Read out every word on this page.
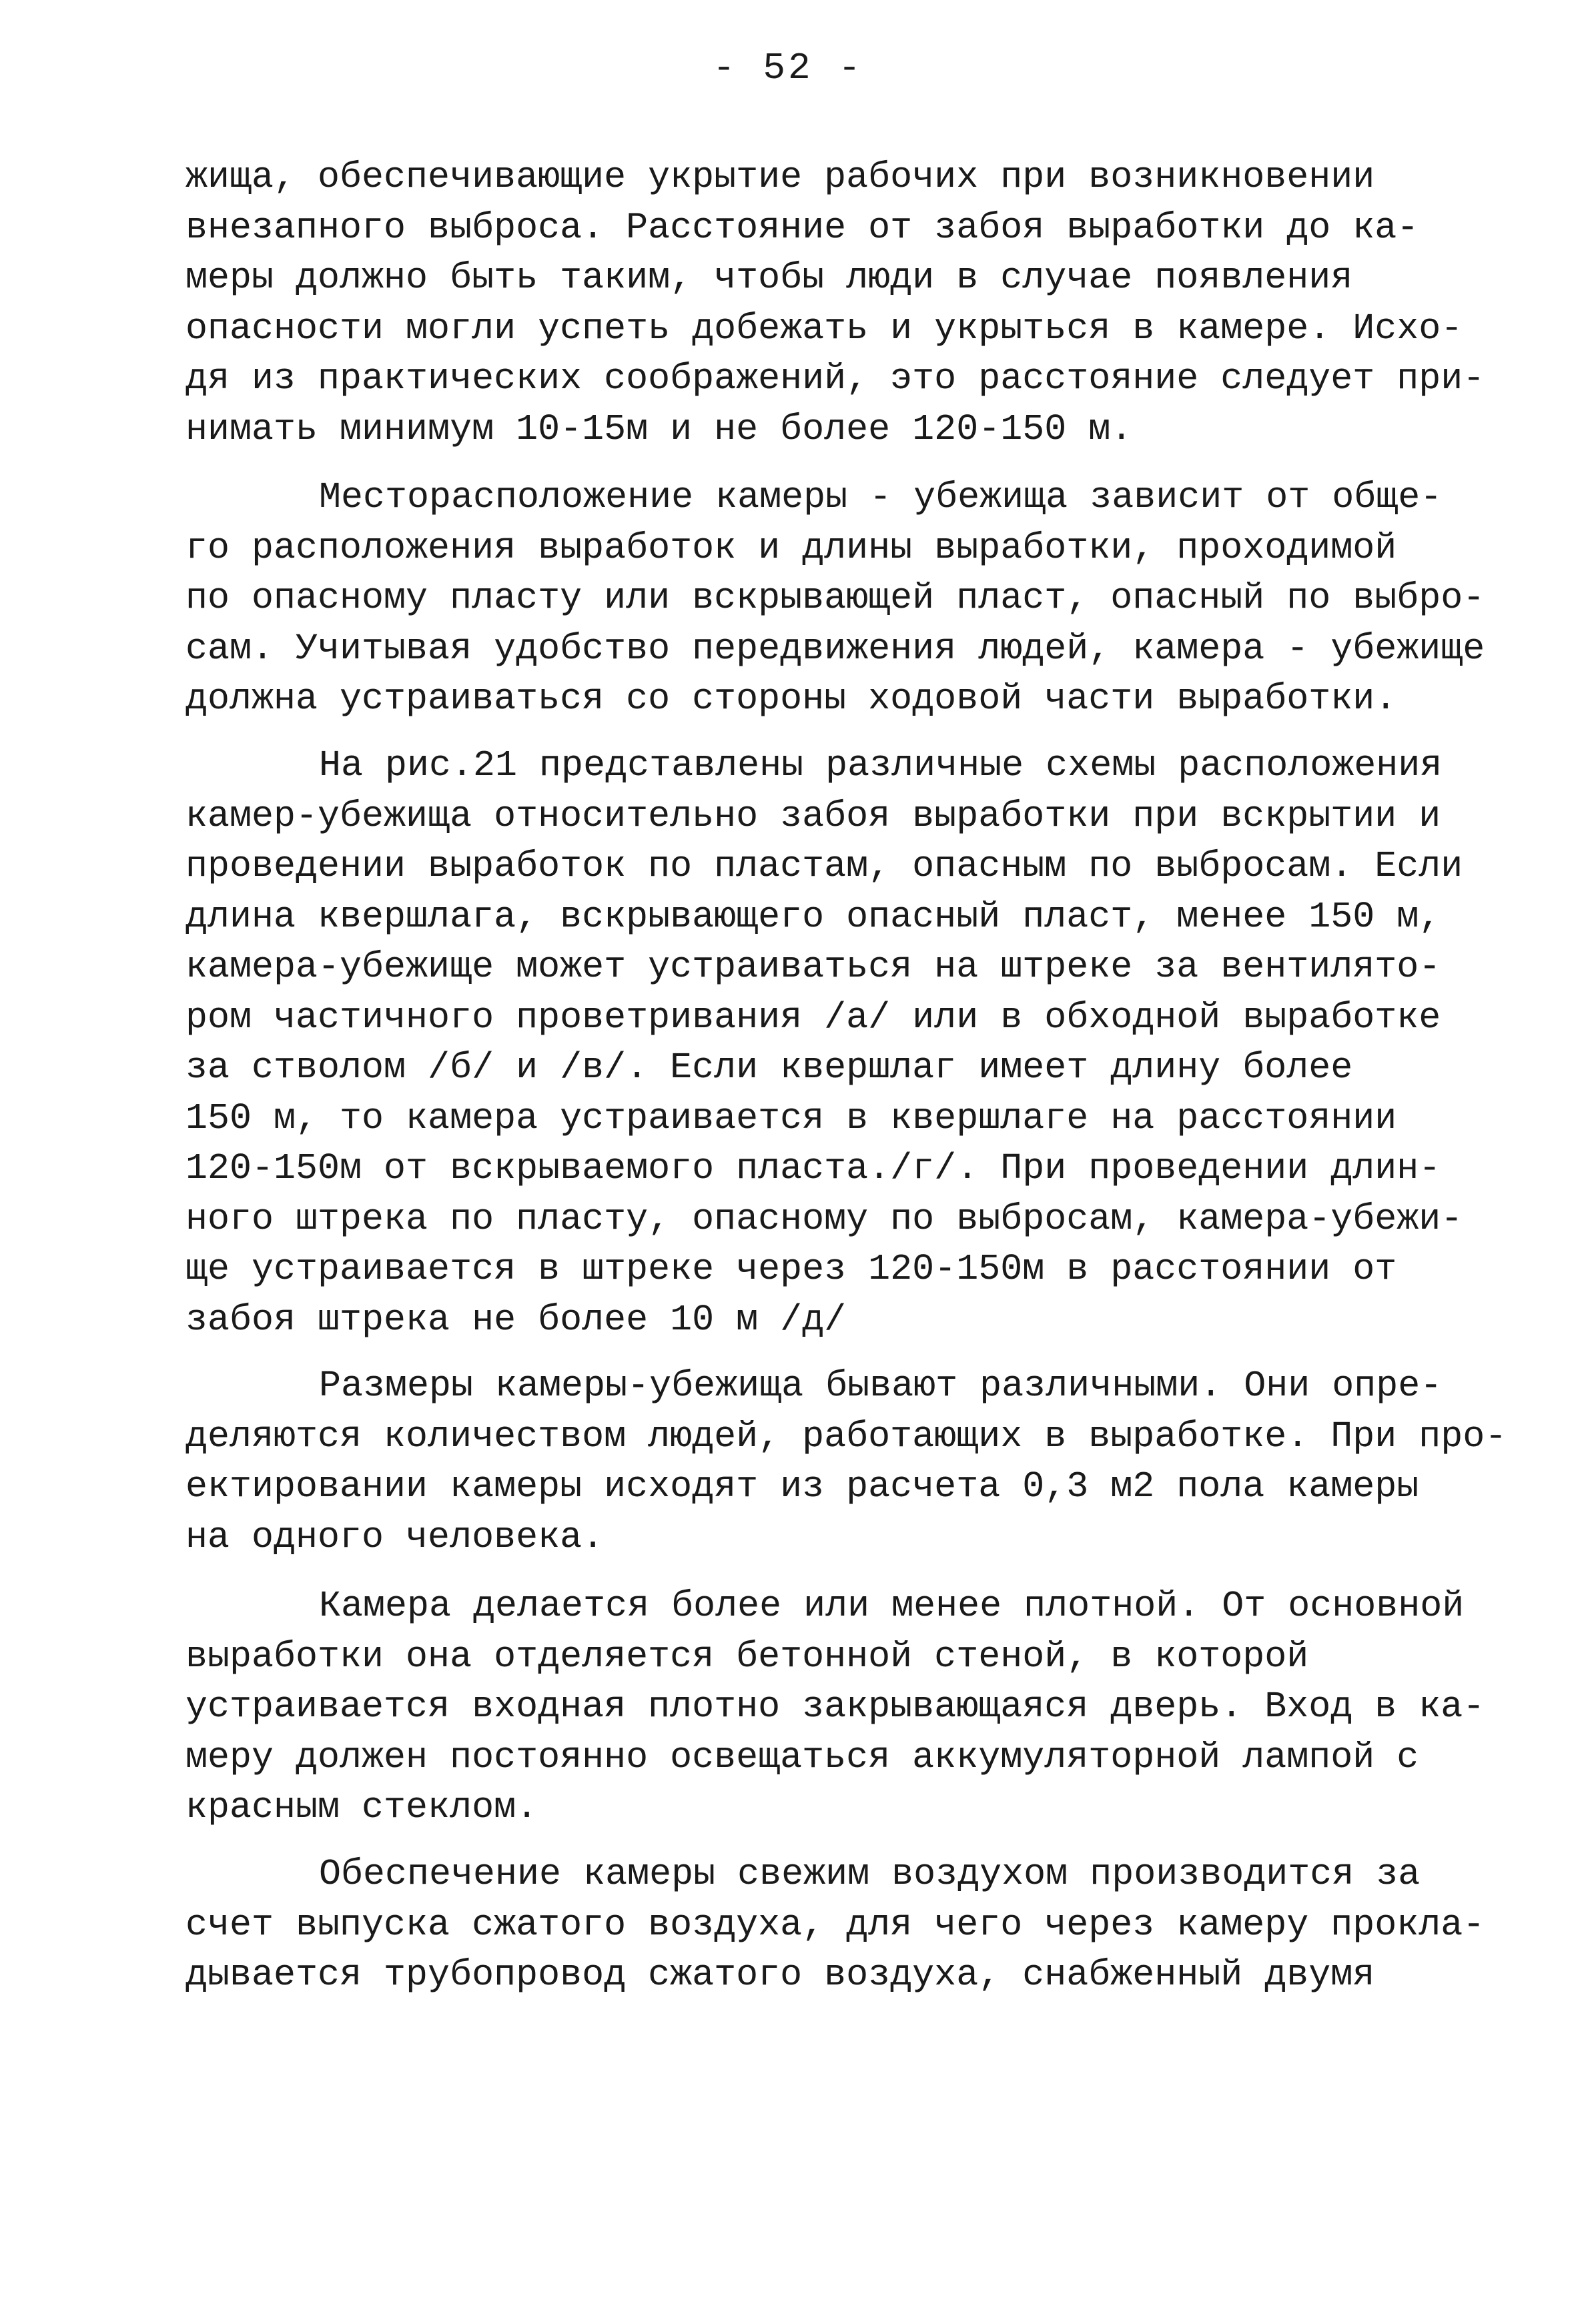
- 52 -
жища, обеспечивающие укрытие рабочих при возникновении
внезапного выброса. Расстояние от забоя выработки до ка-
меры должно быть таким, чтобы люди в случае появления
опасности могли успеть добежать и укрыться в камере. Исхо-
дя из практических соображений, это расстояние следует при-
нимать минимум 10-15м и не более 120-150 м.
Месторасположение камеры - убежища зависит от обще-
го расположения выработок и длины выработки, проходимой
по опасному пласту или вскрывающей пласт, опасный по выбро-
сам. Учитывая удобство передвижения людей, камера - убежище
должна устраиваться со стороны ходовой части выработки.
На рис.21 представлены различные схемы расположения
камер-убежища относительно забоя выработки при вскрытии и
проведении выработок по пластам, опасным по выбросам. Если
длина квершлага, вскрывающего опасный пласт, менее 150 м,
камера-убежище может устраиваться на штреке за вентилято-
ром частичного проветривания /а/ или в обходной выработке
за стволом /б/ и /в/. Если квершлаг имеет длину более
150 м, то камера устраивается в квершлаге на расстоянии
120-150м от вскрываемого пласта./г/. При проведении длин-
ного штрека по пласту, опасному по выбросам, камера-убежи-
ще устраивается в штреке через 120-150м в расстоянии от
забоя штрека не более 10 м /д/
Размеры камеры-убежища бывают различными. Они опре-
деляются количеством людей, работающих в выработке. При про-
ектировании камеры исходят из расчета 0,3 м2 пола камеры
на одного человека.
Камера делается более или менее плотной. От основной
выработки она отделяется бетонной стеной, в которой
устраивается входная плотно закрывающаяся дверь. Вход в ка-
меру должен постоянно освещаться аккумуляторной лампой с
красным стеклом.
Обеспечение камеры свежим воздухом производится за
счет выпуска сжатого воздуха, для чего через камеру прокла-
дывается трубопровод сжатого воздуха, снабженный двумя
